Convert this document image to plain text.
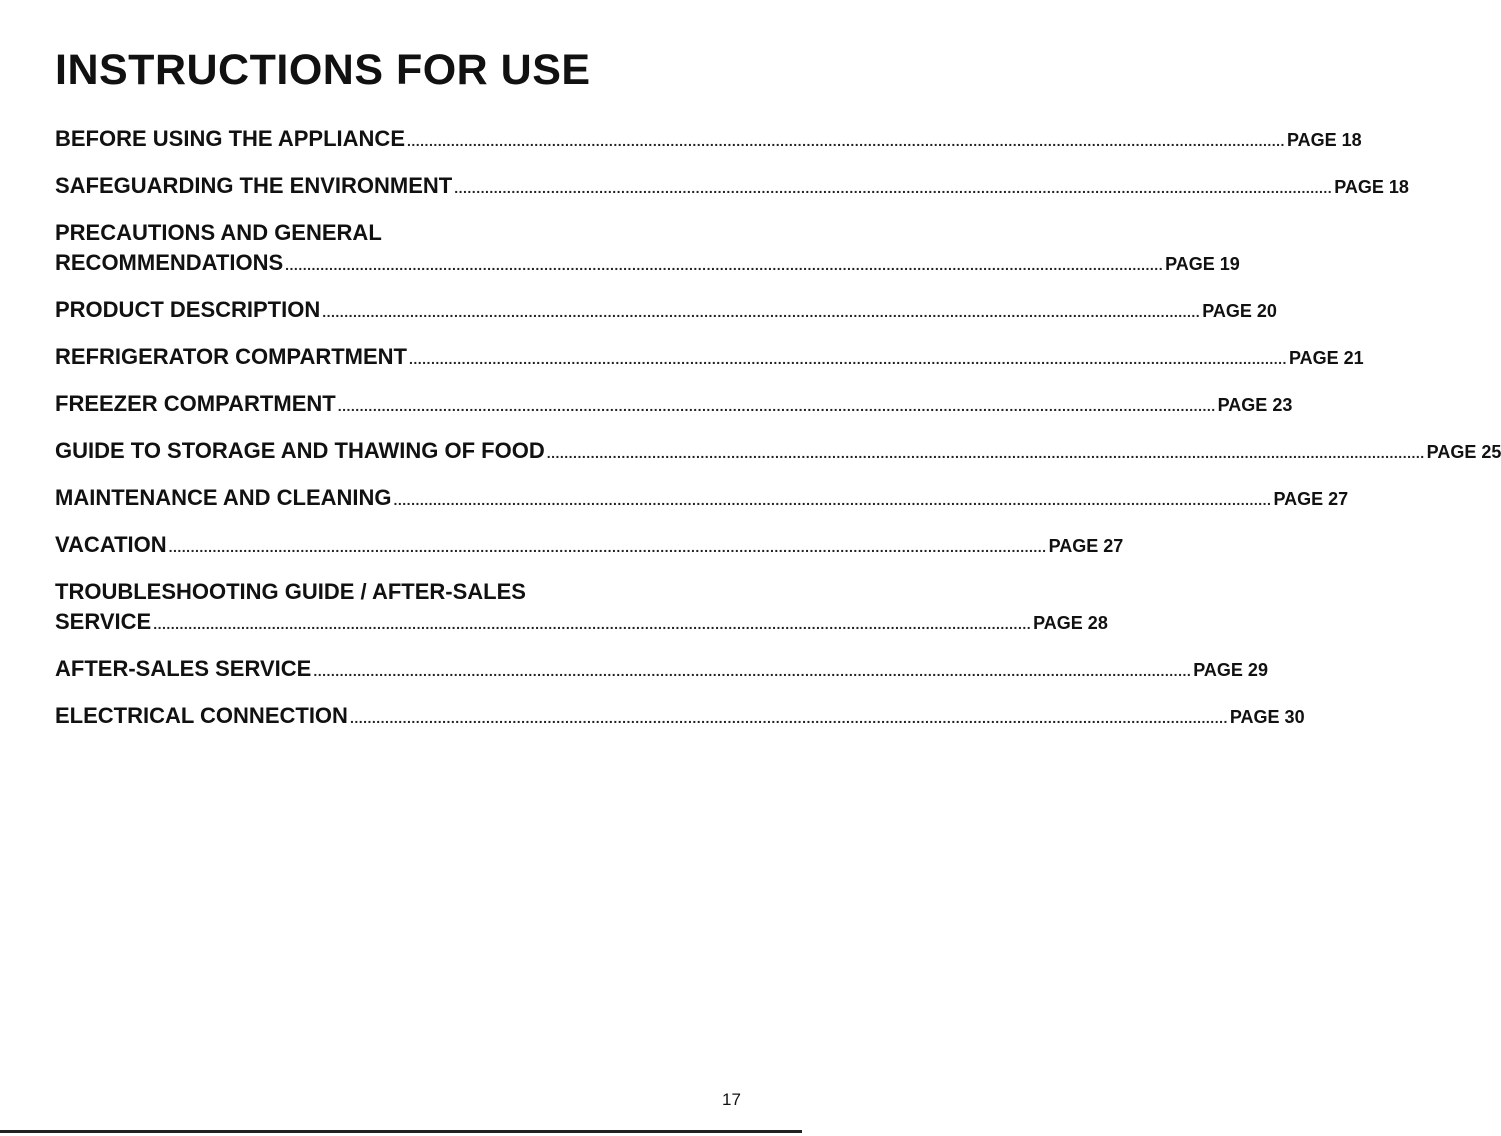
INSTRUCTIONS FOR USE
BEFORE USING THE APPLIANCE ........................................................................................................................................................................................................ PAGE 18
SAFEGUARDING THE ENVIRONMENT ........................................................................................................................................................................................................ PAGE 18
PRECAUTIONS AND GENERAL
RECOMMENDATIONS ........................................................................................................................................................................................................ PAGE 19
PRODUCT DESCRIPTION ........................................................................................................................................................................................................ PAGE 20
REFRIGERATOR COMPARTMENT ........................................................................................................................................................................................................ PAGE 21
FREEZER COMPARTMENT ........................................................................................................................................................................................................ PAGE 23
GUIDE TO STORAGE AND THAWING OF FOOD ........................................................................................................................................................................................................ PAGE 25
MAINTENANCE AND CLEANING ........................................................................................................................................................................................................ PAGE 27
VACATION ........................................................................................................................................................................................................ PAGE 27
TROUBLESHOOTING GUIDE / AFTER-SALES
SERVICE ........................................................................................................................................................................................................ PAGE 28
AFTER-SALES SERVICE ........................................................................................................................................................................................................ PAGE 29
ELECTRICAL CONNECTION ........................................................................................................................................................................................................ PAGE 30
17
